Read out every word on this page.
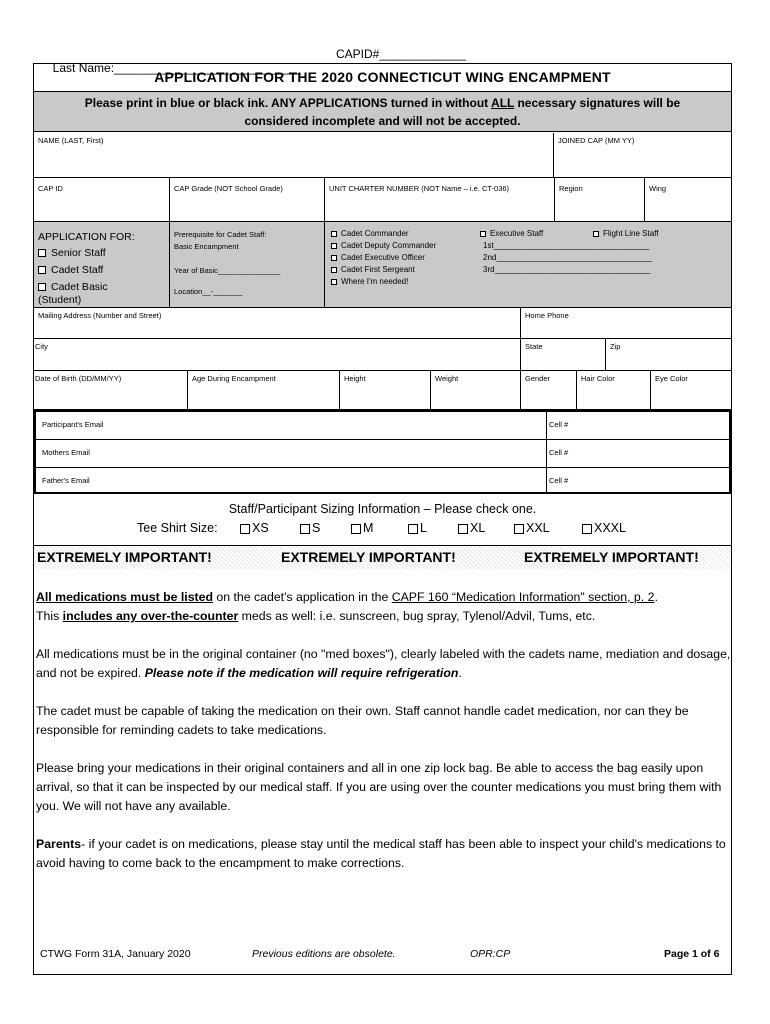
Last Name:____________________________

CAPID#_____________

APPLICATION FOR THE 2020 CONNECTICUT WING ENCAMPMENT
Please print in blue or black ink. ANY APPLICATIONS turned in without ALL necessary signatures will be
considered incomplete and will not be accepted.
NAME (LAST, First)	JOINED CAP (MM YY)
CAP ID	CAP Grade (NOT School Grade)	UNIT CHARTER NUMBER (NOT Name – i.e. CT-036)	Region	Wing
APPLICATION FOR:
Senior Staff
Cadet Staff
Cadet Basic
(Student)
Prerequisite for Cadet Staff:
Basic Encampment
Year of Basic_______________
Location__-_______
Cadet Commander
Cadet Deputy Commander
Cadet Executive Officer
Cadet First Sergeant
Where I'm needed!
Executive Staff	Flight Line Staff
1st___________________________________
2nd___________________________________
3rd___________________________________
Mailing Address (Number and Street)	Home Phone
City	State	Zip
Date of Birth (DD/MM/YY)	Age During Encampment	Height	Weight	Gender	Hair Color	Eye Color
Participant's Email	Cell #
Mothers Email	Cell #
Father's Email	Cell #
Staff/Participant Sizing Information – Please check one.
Tee Shirt Size:	XS	S	M	L	XL	XXL	XXXL
EXTREMELY IMPORTANT!	EXTREMELY IMPORTANT!	EXTREMELY IMPORTANT!
All medications must be listed on the cadet's application in the CAPF 160 “Medication Information" section, p. 2.
This includes any over-the-counter meds as well: i.e. sunscreen, bug spray, Tylenol/Advil, Tums, etc.
All medications must be in the original container (no "med boxes"), clearly labeled with the cadets name, mediation and dosage, and not be expired. Please note if the medication will require refrigeration.
The cadet must be capable of taking the medication on their own. Staff cannot handle cadet medication, nor can they be responsible for reminding cadets to take medications.
Please bring your medications in their original containers and all in one zip lock bag. Be able to access the bag easily upon arrival, so that it can be inspected by our medical staff. If you are using over the counter medications you must bring them with you. We will not have any available.
Parents- if your cadet is on medications, please stay until the medical staff has been able to inspect your child's medications to avoid having to come back to the encampment to make corrections.
CTWG Form 31A, January 2020	Previous editions are obsolete.	OPR:CP	Page 1 of 6
